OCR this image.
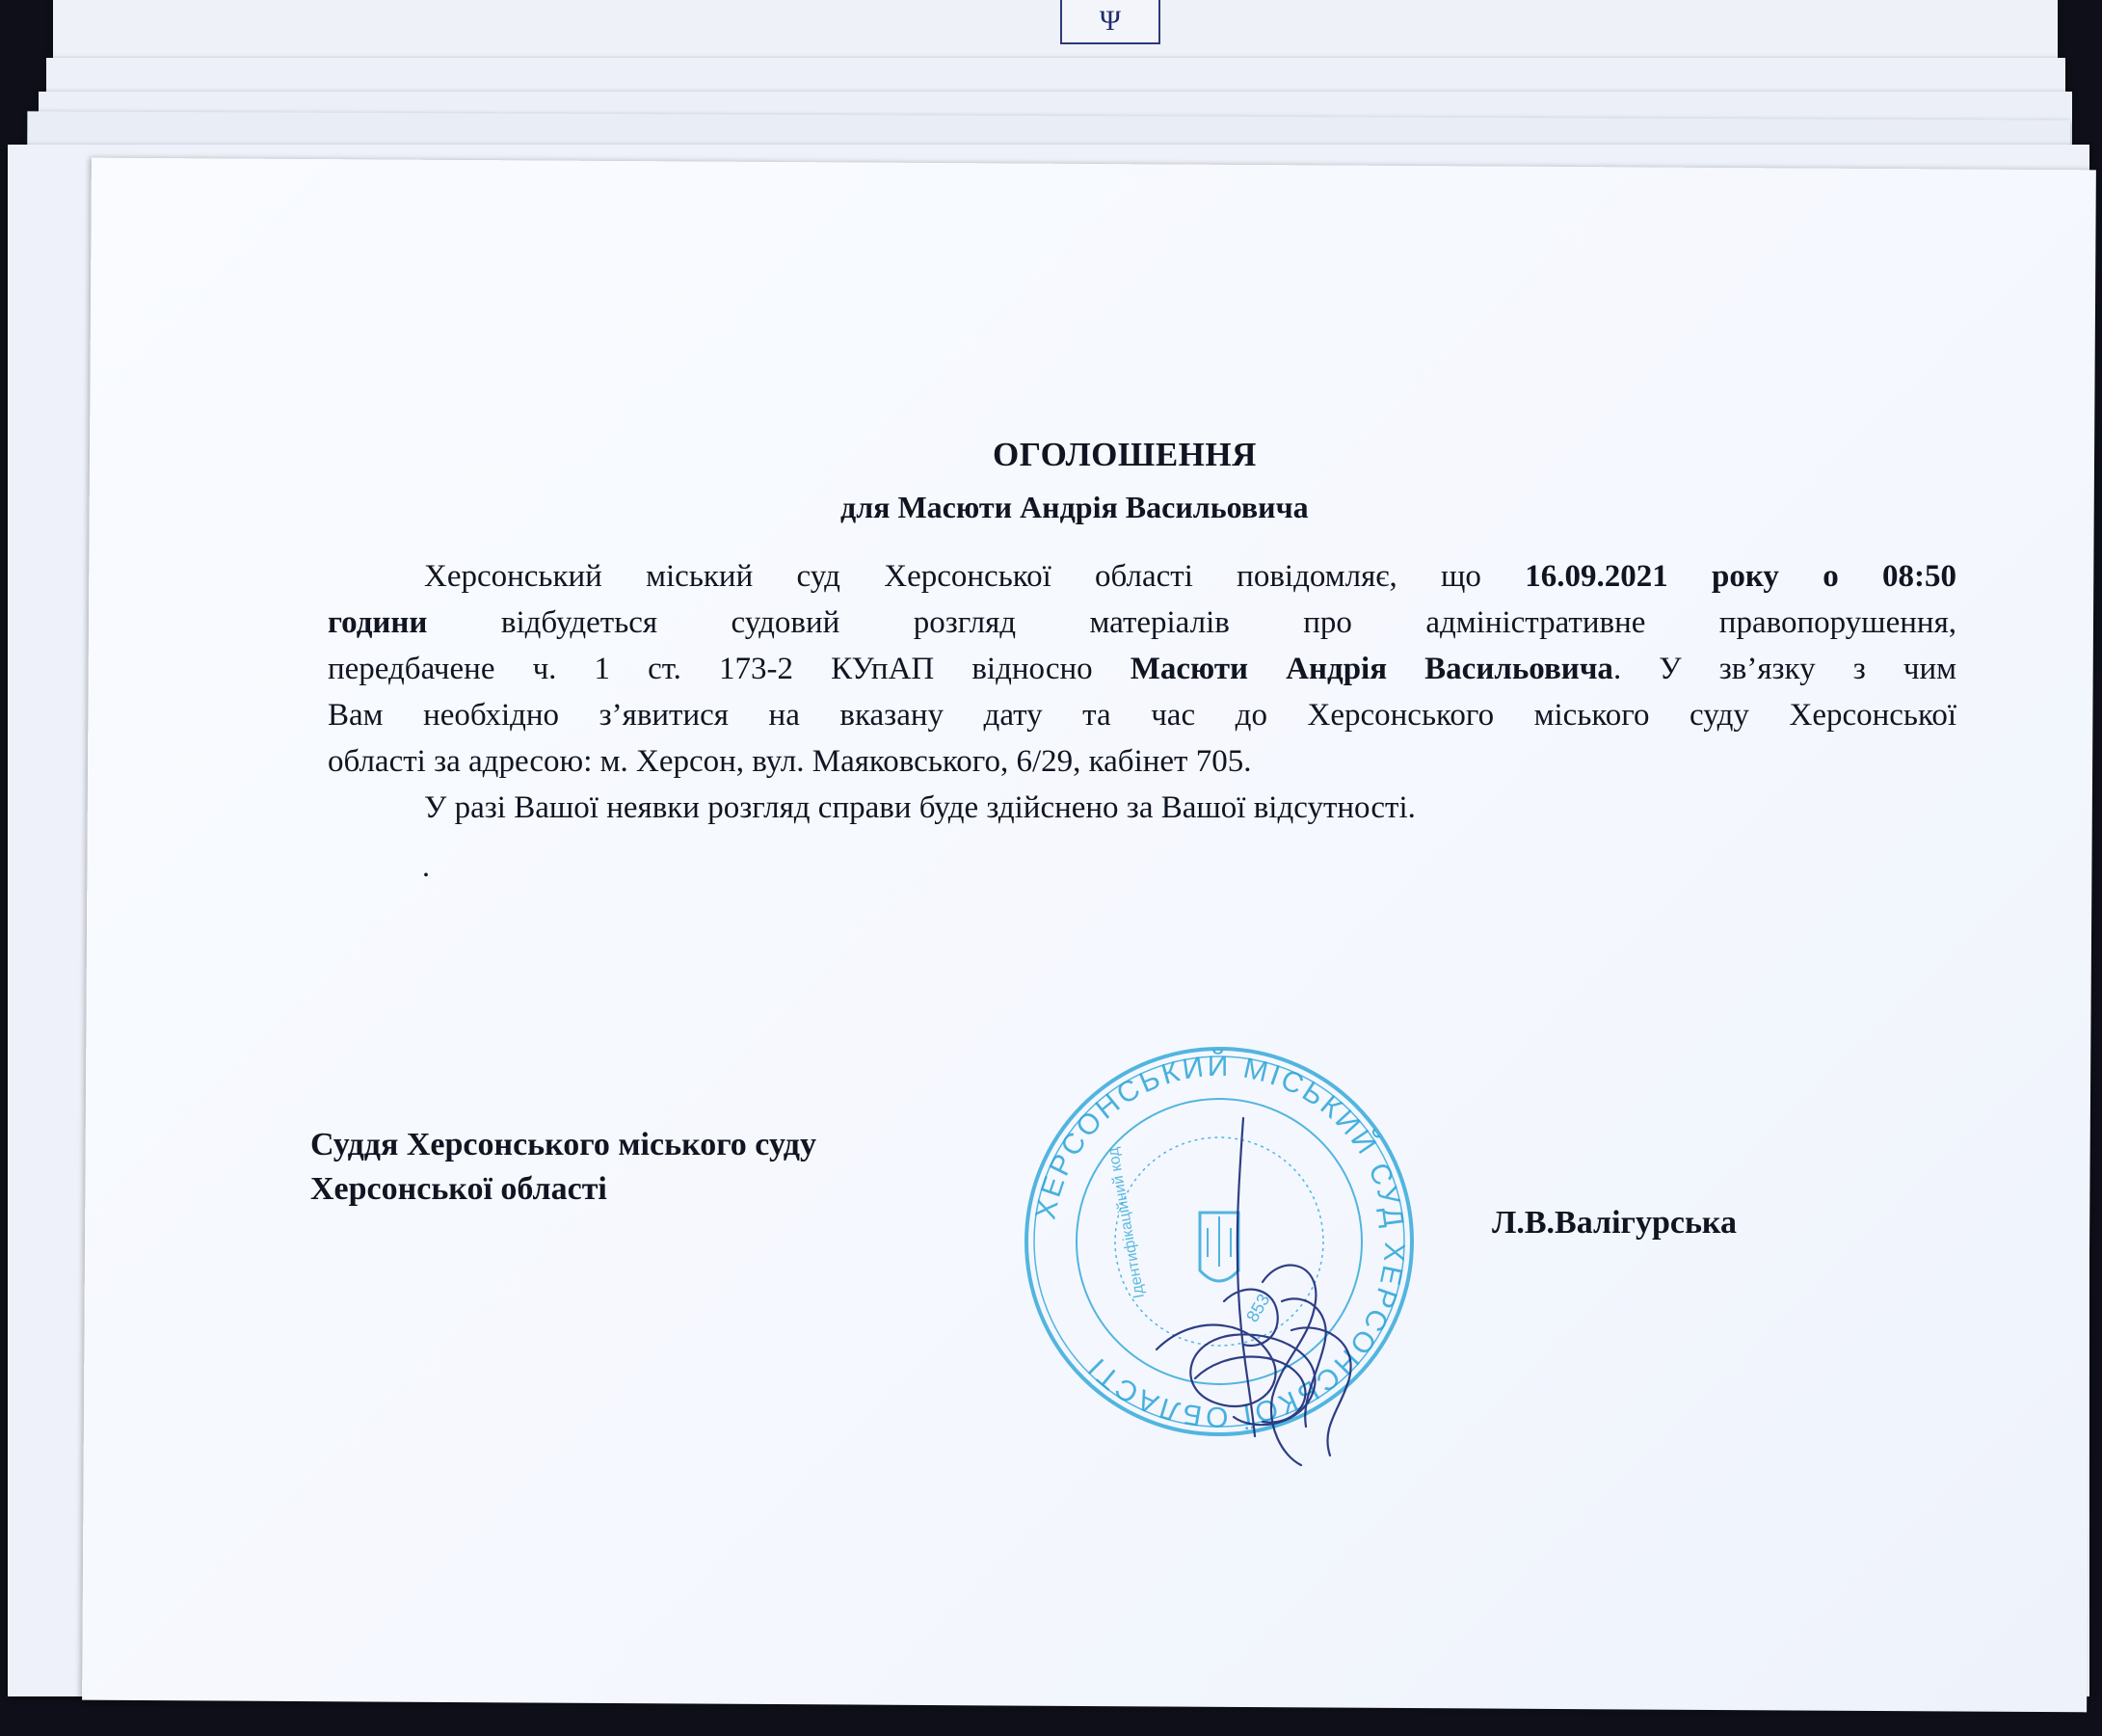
Ψ
ОГОЛОШЕННЯ
для Масюти Андрія Васильовича
Херсонський міський суд Херсонської області повідомляє, що 16.09.2021 року о 08:50
години відбудеться судовий розгляд матеріалів про адміністративне правопорушення,
передбачене ч. 1 ст. 173-2 КУпАП відносно Масюти Андрія Васильовича. У зв’язку з чим
Вам необхідно з’явитися на вказану дату та час до Херсонського міського суду Херсонської
області за адресою: м. Херсон, вул. Маяковського, 6/29, кабінет 705.
У разі Вашої неявки розгляд справи буде здійснено за Вашої відсутності.
.
Суддя Херсонського міського суду
Херсонської області
Л.В.Валігурська
ХЕРСОНСЬКИЙ МІСЬКИЙ СУД ХЕРСОНСЬКОЇ ОБЛАСТІ
853
Ідентифікаційний код
